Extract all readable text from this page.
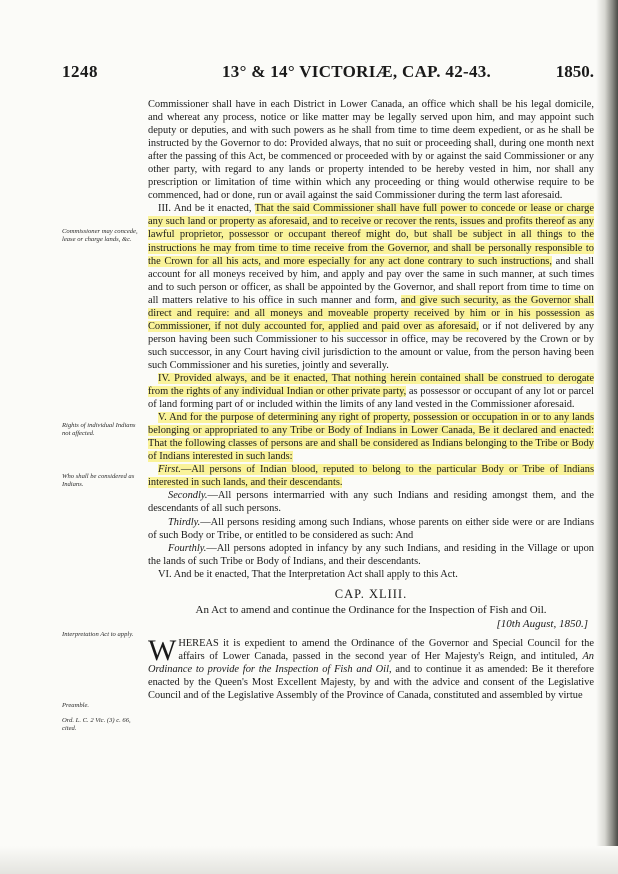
1248	13° & 14° VICTORIÆ, CAP. 42-43.	1850.
Commissioner may concede, lease or charge lands, &c.
Rights of individual Indians not affected.
Who shall be considered as Indians.
Interpretation Act to apply.
Preamble.
Ord. L. C. 2 Vic. (3) c. 66, cited.

Commissioner shall have in each District in Lower Canada, an office which shall be his legal domicile, and whereat any process, notice or like matter may be legally served upon him, and may appoint such deputy or deputies, and with such powers as he shall from time to time deem expedient, or as he shall be instructed by the Governor to do: Provided always, that no suit or proceeding shall, during one month next after the passing of this Act, be commenced or proceeded with by or against the said Commissioner or any other party, with regard to any lands or property intended to be hereby vested in him, nor shall any prescription or limitation of time within which any proceeding or thing would otherwise require to be commenced, had or done, run or avail against the said Commissioner during the term last aforesaid.

III. And be it enacted, That the said Commissioner shall have full power to concede or lease or charge any such land or property as aforesaid, and to receive or recover the rents, issues and profits thereof as any lawful proprietor, possessor or occupant thereof might do, but shall be subject in all things to the instructions he may from time to time receive from the Governor, and shall be personally responsible to the Crown for all his acts, and more especially for any act done contrary to such instructions, and shall account for all moneys received by him, and apply and pay over the same in such manner, at such times and to such person or officer, as shall be appointed by the Governor, and shall report from time to time on all matters relative to his office in such manner and form, and give such security, as the Governor shall direct and require: and all moneys and moveable property received by him or in his possession as Commissioner, if not duly accounted for, applied and paid over as aforesaid, or if not delivered by any person having been such Commissioner to his successor in office, may be recovered by the Crown or by such successor, in any Court having civil jurisdiction to the amount or value, from the person having been such Commissioner and his sureties, jointly and severally.

IV. Provided always, and be it enacted, That nothing herein contained shall be construed to derogate from the rights of any individual Indian or other private party, as possessor or occupant of any lot or parcel of land forming part of or included within the limits of any land vested in the Commissioner aforesaid.

V. And for the purpose of determining any right of property, possession or occupation in or to any lands belonging or appropriated to any Tribe or Body of Indians in Lower Canada, Be it declared and enacted: That the following classes of persons are and shall be considered as Indians belonging to the Tribe or Body of Indians interested in such lands:

First.—All persons of Indian blood, reputed to belong to the particular Body or Tribe of Indians interested in such lands, and their descendants.

Secondly.—All persons intermarried with any such Indians and residing amongst them, and the descendants of all such persons.

Thirdly.—All persons residing among such Indians, whose parents on either side were or are Indians of such Body or Tribe, or entitled to be considered as such: And

Fourthly.—All persons adopted in infancy by any such Indians, and residing in the Village or upon the lands of such Tribe or Body of Indians, and their descendants.

VI. And be it enacted, That the Interpretation Act shall apply to this Act.

CAP. XLIII.
An Act to amend and continue the Ordinance for the Inspection of Fish and Oil.
[10th August, 1850.]

WHEREAS it is expedient to amend the Ordinance of the Governor and Special Council for the affairs of Lower Canada, passed in the second year of Her Majesty's Reign, and intituled, An Ordinance to provide for the Inspection of Fish and Oil, and to continue it as amended: Be it therefore enacted by the Queen's Most Excellent Majesty, by and with the advice and consent of the Legislative Council and of the Legislative Assembly of the Province of Canada, constituted and assembled by virtue
